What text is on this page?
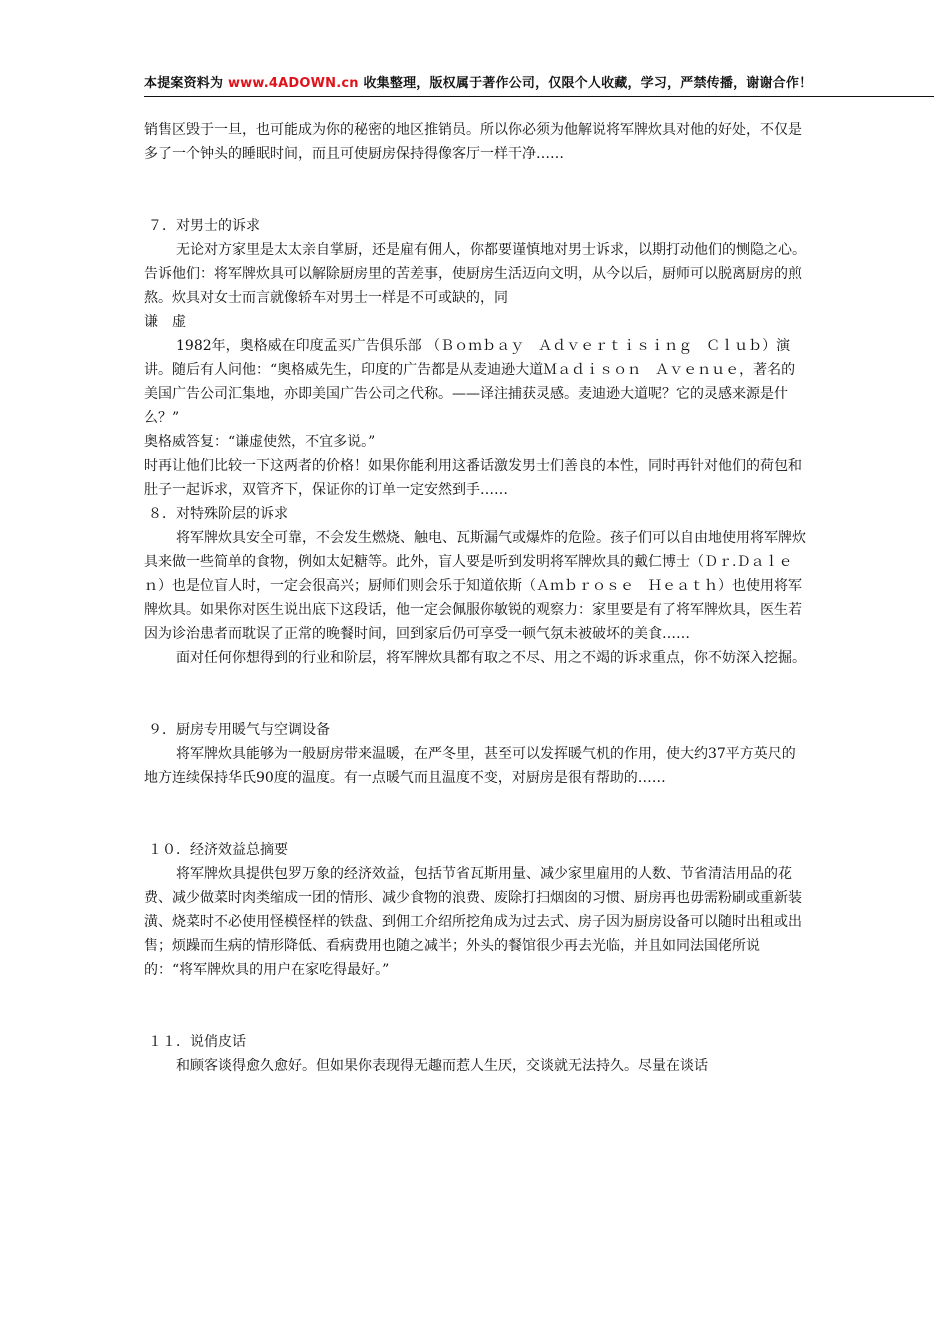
本提案资料为 www.4ADOWN.cn 收集整理，版权属于著作公司，仅限个人收藏，学习，严禁传播，谢谢合作！

销售区毁于一旦，也可能成为你的秘密的地区推销员。所以你必须为他解说将军牌炊具对他的好处，不仅是多了一个钟头的睡眠时间，而且可使厨房保持得像客厅一样干净……

７．对男士的诉求

无论对方家里是太太亲自掌厨，还是雇有佣人，你都要谨慎地对男士诉求，以期打动他们的恻隐之心。告诉他们：将军牌炊具可以解除厨房里的苦差事，使厨房生活迈向文明，从今以后，厨师可以脱离厨房的煎熬。炊具对女士而言就像轿车对男士一样是不可或缺的，同

谦　虚

1982年，奥格威在印度孟买广告俱乐部 （Ｂｏｍｂａｙ　Ａｄｖｅｒｔｉｓｉｎｇ　Ｃｌｕｂ）演讲。随后有人问他：“奥格威先生，印度的广告都是从麦迪逊大道Ｍａｄｉｓｏｎ　Ａｖｅｎｕｅ，著名的美国广告公司汇集地，亦即美国广告公司之代称。——译注捕获灵感。麦迪逊大道呢？它的灵感来源是什么？”

奥格威答复：“谦虚使然，不宜多说。”

时再让他们比较一下这两者的价格！如果你能利用这番话激发男士们善良的本性，同时再针对他们的荷包和肚子一起诉求，双管齐下，保证你的订单一定安然到手……

８．对特殊阶层的诉求

将军牌炊具安全可靠，不会发生燃烧、触电、瓦斯漏气或爆炸的危险。孩子们可以自由地使用将军牌炊具来做一些简单的食物，例如太妃糖等。此外，盲人要是听到发明将军牌炊具的戴仁博士（Ｄｒ.Ｄａｌｅｎ）也是位盲人时，一定会很高兴；厨师们则会乐于知道依斯（Ａｍｂｒｏｓｅ　Ｈｅａｔｈ）也使用将军牌炊具。如果你对医生说出底下这段话，他一定会佩服你敏锐的观察力：家里要是有了将军牌炊具，医生若因为诊治患者而耽误了正常的晚餐时间，回到家后仍可享受一顿气氛未被破坏的美食……

面对任何你想得到的行业和阶层，将军牌炊具都有取之不尽、用之不竭的诉求重点，你不妨深入挖掘。

９．厨房专用暖气与空调设备

将军牌炊具能够为一般厨房带来温暖，在严冬里，甚至可以发挥暖气机的作用，使大约37平方英尺的地方连续保持华氏90度的温度。有一点暖气而且温度不变，对厨房是很有帮助的……

１０．经济效益总摘要

将军牌炊具提供包罗万象的经济效益，包括节省瓦斯用量、减少家里雇用的人数、节省清洁用品的花费、减少做菜时肉类缩成一团的情形、减少食物的浪费、废除打扫烟囱的习惯、厨房再也毋需粉刷或重新装潢、烧菜时不必使用怪模怪样的铁盘、到佣工介绍所挖角成为过去式、房子因为厨房设备可以随时出租或出售；烦躁而生病的情形降低、看病费用也随之减半；外头的餐馆很少再去光临，并且如同法国佬所说的：“将军牌炊具的用户在家吃得最好。”

１１．说俏皮话

和顾客谈得愈久愈好。但如果你表现得无趣而惹人生厌，交谈就无法持久。尽量在谈话
